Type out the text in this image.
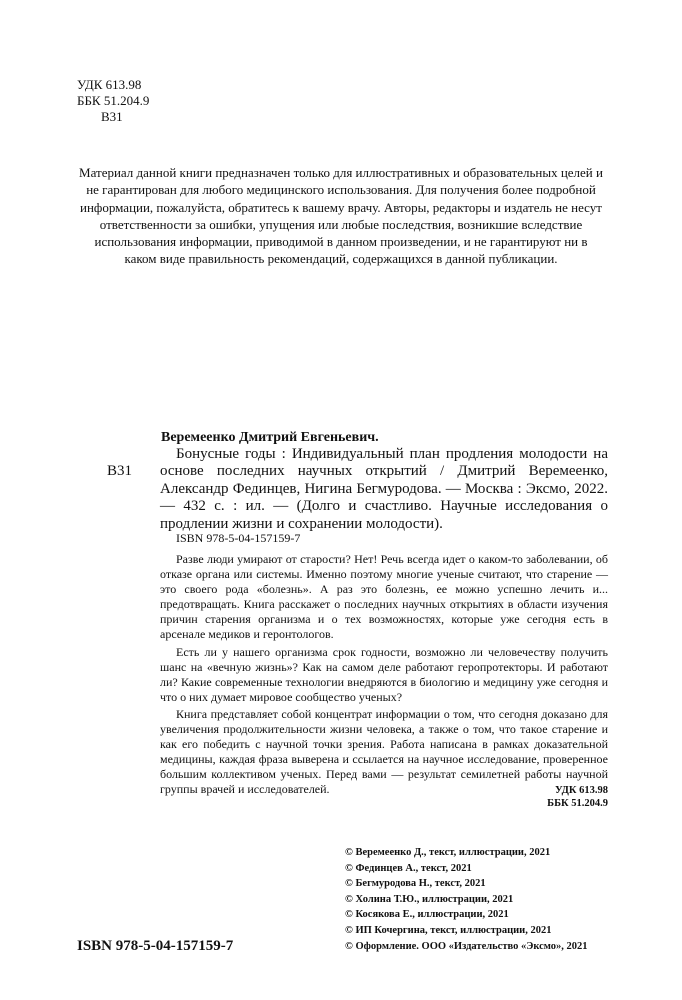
УДК 613.98
ББК 51.204.9
В31
Материал данной книги предназначен только для иллюстративных и образовательных целей и не гарантирован для любого медицинского использования. Для получения более подробной информации, пожалуйста, обратитесь к вашему врачу. Авторы, редакторы и издатель не несут ответственности за ошибки, упущения или любые последствия, возникшие вследствие использования информации, приводимой в данном произведении, и не гарантируют ни в каком виде правильность рекомендаций, содержащихся в данной публикации.
Веремеенко Дмитрий Евгеньевич.
В31
Бонусные годы : Индивидуальный план продления молодости на основе последних научных открытий / Дмитрий Веремеенко, Александр Фединцев, Нигина Бегмуродова. — Москва : Эксмо, 2022. — 432 с. : ил. — (Долго и счастливо. Научные исследования о продлении жизни и сохранении молодости).
ISBN 978-5-04-157159-7

Разве люди умирают от старости? Нет! Речь всегда идет о каком-то заболевании, об отказе органа или системы. Именно поэтому многие ученые считают, что старение — это своего рода «болезнь». А раз это болезнь, ее можно успешно лечить и... предотвращать. Книга расскажет о последних научных открытиях в области изучения причин старения организма и о тех возможностях, которые уже сегодня есть в арсенале медиков и геронтологов.

Есть ли у нашего организма срок годности, возможно ли человечеству получить шанс на «вечную жизнь»? Как на самом деле работают геропротекторы. И работают ли? Какие современные технологии внедряются в биологию и медицину уже сегодня и что о них думает мировое сообщество ученых?

Книга представляет собой концентрат информации о том, что сегодня доказано для увеличения продолжительности жизни человека, а также о том, что такое старение и как его победить с научной точки зрения. Работа написана в рамках доказательной медицины, каждая фраза выверена и ссылается на научное исследование, проверенное большим коллективом ученых. Перед вами — результат семилетней работы научной группы врачей и исследователей.	УДК 613.98
ББК 51.204.9
ISBN 978-5-04-157159-7
© Веремеенко Д., текст, иллюстрации, 2021
© Фединцев А., текст, 2021
© Бегмуродова Н., текст, 2021
© Холина Т.Ю., иллюстрации, 2021
© Косякова Е., иллюстрации, 2021
© ИП Кочергина, текст, иллюстрации, 2021
© Оформление. ООО «Издательство «Эксмо», 2021
